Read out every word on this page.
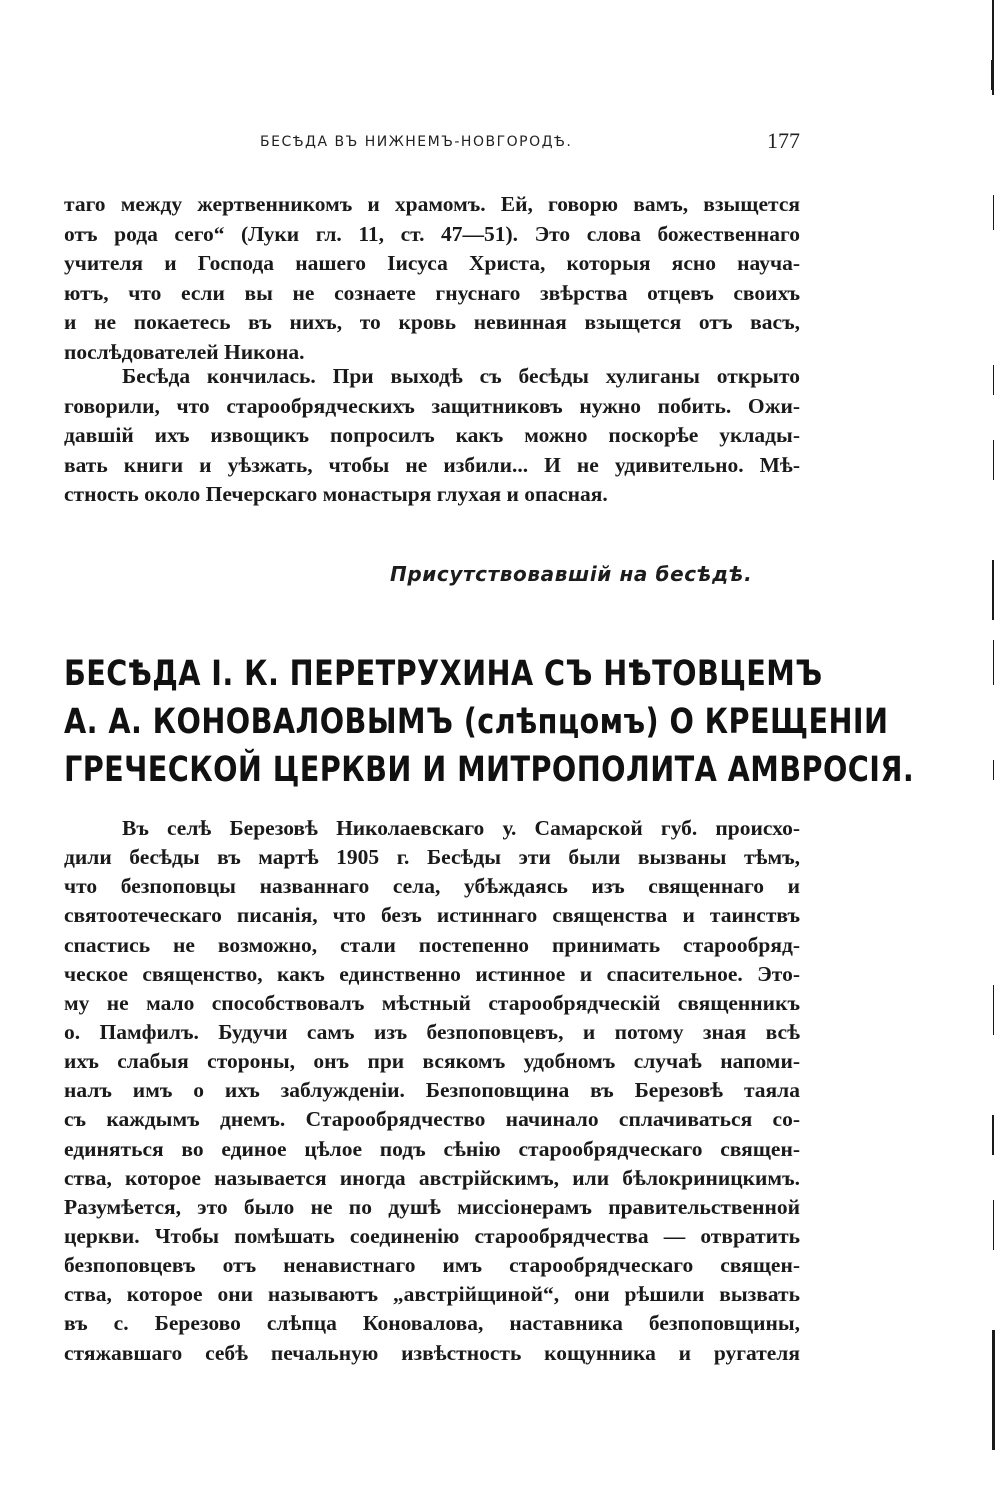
БЕСѢДА ВЪ НИЖНЕМЪ-НОВГОРОДѢ.	177
таго между жертвенникомъ и храмомъ. Ей, говорю вамъ, взыщется
отъ рода сего“ (Луки гл. 11, ст. 47—51). Это слова божественнаго
учителя и Господа нашего Іисуса Христа, которыя ясно научa-
ютъ, что если вы не сознаете гнуснаго звѣрства отцевъ своихъ
и не покаетесь въ нихъ, то кровь невинная взыщется отъ васъ,
послѣдователей Никона.
Бесѣда кончилась. При выходѣ съ бесѣды хулиганы открыто
говорили, что старообрядческихъ защитниковъ нужно побить. Ожи-
давшій ихъ извощикъ попросилъ какъ можно поскорѣе уклады-
вать книги и уѣзжать, чтобы не избили... И не удивительно. Мѣ-
стность около Печерскаго монастыря глухая и опасная.
Присутствовавшій на бесѣдѣ.
БЕСѢДА І. К. ПЕРЕТРУХИНА СЪ НѢТОВЦЕМЪ
А. А. КОНОВАЛОВЫМЪ (слѣпцомъ) О КРЕЩЕНІИ
ГРЕЧЕСКОЙ ЦЕРКВИ И МИТРОПОЛИТА АМВРОСІЯ.
Въ селѣ Березовѣ Николаевскаго у. Самарской губ. происхо-
дили бесѣды въ мартѣ 1905 г. Бесѣды эти были вызваны тѣмъ,
что безпоповцы названнаго села, убѣждаясь изъ священнаго и
святоотеческаго писанія, что безъ истиннаго священства и таинствъ
спастись не возможно, стали постепенно принимать старообряд-
ческое священство, какъ единственно истинное и спасительное. Это-
му не мало способствовалъ мѣстный старообрядческій священникъ
о. Памфилъ. Будучи самъ изъ безпоповцевъ, и потому зная всѣ
ихъ слабыя стороны, онъ при всякомъ удобномъ случаѣ напоми-
налъ имъ о ихъ заблужденіи. Безпоповщина въ Березовѣ таяла
съ каждымъ днемъ. Старообрядчество начинало сплачиваться со-
единяться во единое цѣлое подъ сѣнію старообрядческаго священ-
ства, которое называется иногда австрійскимъ, или бѣлокриницкимъ.
Разумѣется, это было не по душѣ миссіонерамъ правительственной
церкви. Чтобы помѣшать соединенію старообрядчества — отвратить
безпоповцевъ отъ ненавистнаго имъ старообрядческаго священ-
ства, которое они называютъ „австрійщиной“, они рѣшили вызвать
въ с. Березово слѣпца Коновалова, наставника безпоповщины,
стяжавшаго себѣ печальную извѣстность кощунника и ругателя
